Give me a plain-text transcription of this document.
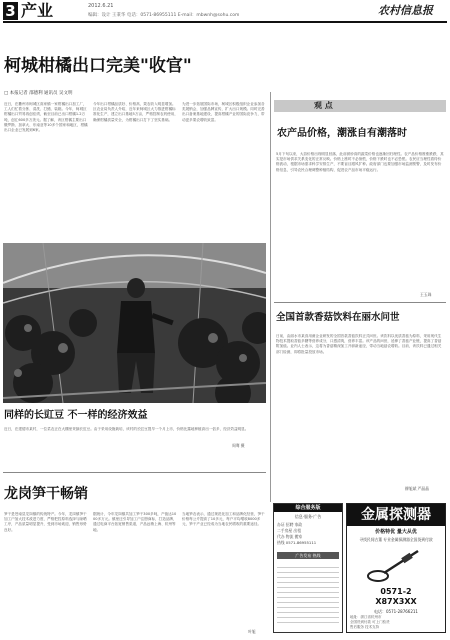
3 产业	2012.6.21
编辑：设计 王秉华 电话：0571-86955111 E-mail：mbwnh@sohu.com	农村信息报
柯城柑橘出口完美"收官"
□ 本报记者 邵德利 通讯员 吴文明
近日，在衢州市柯城区高家镇一家柑橘出口加工厂，工人们忙着分拣、清洗、打蜡、装箱。今年，柯城区柑橘出口贸易再创佳绩，截至目前已出口柑橘1.2万吨，创汇600多万美元。据了解，该区柑橘主要出口俄罗斯、加拿大、东南亚等10多个国家和地区，柑橘出口企业已发展到6家。
今年出口柑橘品质好、价格高，果农收入明显增加。区农业局负责人介绍，近年来柯城区大力推进柑橘标准化生产，建立出口基地5万亩，严格控制农药使用，确保柑橘质量安全，为柑橘出口打下了坚实基础。
为进一步拓展国际市场，柯城区积极组织企业参加各类展销会，加强品牌宣传，扩大出口规模。同时完善出口备案基地建设，提高柑橘产业的国际竞争力，带动更多果农增收致富。
同样的长豇豆 不一样的经济效益
近日，在建德市某村，一位菜农正在大棚里采摘长豇豆。由于采用设施栽培，该村的长豇豆提早一个月上市，价格比露地种植高出一倍多，经济效益明显。
周骞 摄
龙岗笋干畅销
笋干是苍南县龙岗镇的传统特产。今年，龙岗镇笋干加工户加大技术改进力度，严格把控原料选择与晾晒工序，产品质量明显提升，受到市场欢迎，销售形势良好。
据统计，今年龙岗镇共加工笋干300多吨，产值达1000多万元。镇里还引导加工户注册商标，打造品牌，通过电商平台拓宽销售渠道，产品远销上海、杭州等地。
当地笋农表示，通过规范化加工和品牌化经营，笋干价格每公斤提高了10多元，每户平均增收8000多元，笋干产业已经成为当地农民增收的重要途径。
叶旭
观 点
农产品价格，潮涨自有潮落时
5月下旬以来，大蒜价格出现明显回落，此前被炒高的蔬菜价格也逐渐回归理性。农产品价格涨涨跌跌，其实是市场供求关系变化的正常反映。价格上涨时不必惊慌，价格下跌时也不必恐慌。农民应当理性看待价格波动，根据市场需求科学安排生产，不要盲目跟风扩种。政府部门也要加强市场监测预警，及时发布价格信息，引导农民合理调整种植结构，促进农产品市场平稳运行。
王玉珠
全国首款香菇饮料在丽水问世
日前，由丽水市某食用菌企业研发的全国首款香菇饮料正式问世。该饮料以优质香菇为原料，采用现代生物技术提取香菇多糖等营养成分，口感清爽，营养丰富。该产品的问世，延伸了香菇产业链，提高了香菇附加值。业内人士表示，这将为香菇精深加工开辟新途径，带动当地菇农增收。目前，该饮料已通过相关部门检测，即将批量投放市场。
柳旭斌 严晶晶
综合服务版
信息·服务·广告
办证 招聘 家政
二手房屋 出租
代办 物流 搬家
热线 0571-86955111
广告发布 热线
金属探测器
价格特优 量大从优
寻找民间古董 专业金属探测器全国货到付款
0571-2
X87X3XX
电话：0571-28766211
地址：浙江省杭州市
全国货到付款 可上门验货
售后服务 技术支持
